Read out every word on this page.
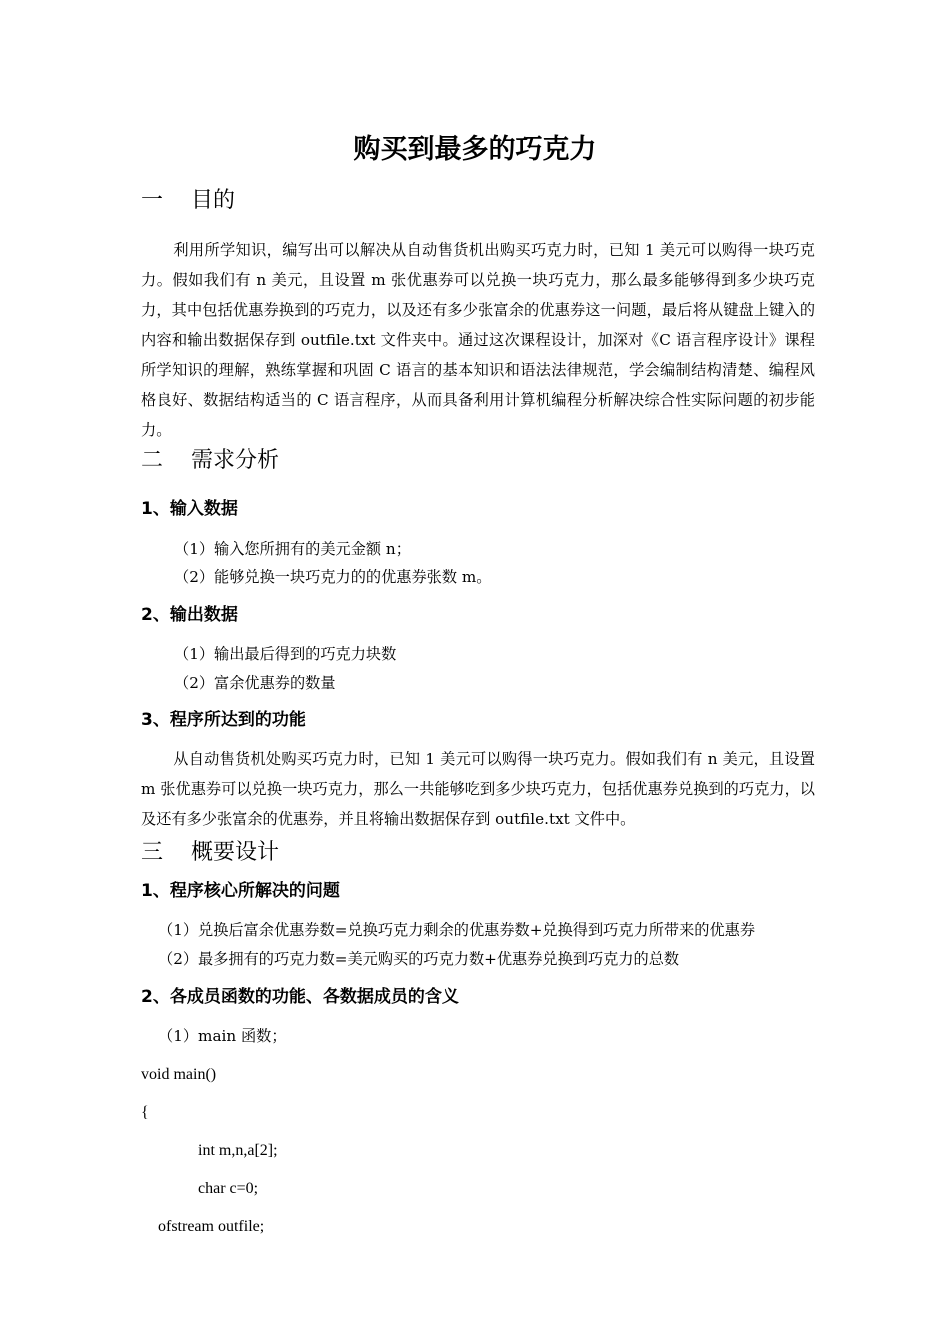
购买到最多的巧克力
一    目的
利用所学知识，编写出可以解决从自动售货机出购买巧克力时，已知 1 美元可以购得一块巧克力。假如我们有 n 美元，且设置 m 张优惠券可以兑换一块巧克力，那么最多能够得到多少块巧克力，其中包括优惠券换到的巧克力，以及还有多少张富余的优惠券这一问题，最后将从键盘上键入的内容和输出数据保存到 outfile.txt 文件夹中。通过这次课程设计，加深对《C 语言程序设计》课程所学知识的理解，熟练掌握和巩固 C 语言的基本知识和语法法律规范，学会编制结构清楚、编程风格良好、数据结构适当的 C 语言程序，从而具备利用计算机编程分析解决综合性实际问题的初步能力。
二    需求分析
1、输入数据
（1）输入您所拥有的美元金额 n；
（2）能够兑换一块巧克力的的优惠券张数 m。
2、输出数据
（1）输出最后得到的巧克力块数
（2）富余优惠券的数量
3、程序所达到的功能
从自动售货机处购买巧克力时，已知 1 美元可以购得一块巧克力。假如我们有 n 美元，且设置 m 张优惠券可以兑换一块巧克力，那么一共能够吃到多少块巧克力，包括优惠券兑换到的巧克力，以及还有多少张富余的优惠券，并且将输出数据保存到 outfile.txt 文件中。
三    概要设计
1、程序核心所解决的问题
（1）兑换后富余优惠券数=兑换巧克力剩余的优惠券数+兑换得到巧克力所带来的优惠券
（2）最多拥有的巧克力数=美元购买的巧克力数+优惠券兑换到巧克力的总数
2、各成员函数的功能、各数据成员的含义
（1）main 函数；
void main()
{
int m,n,a[2];
char c=0;
ofstream outfile;
